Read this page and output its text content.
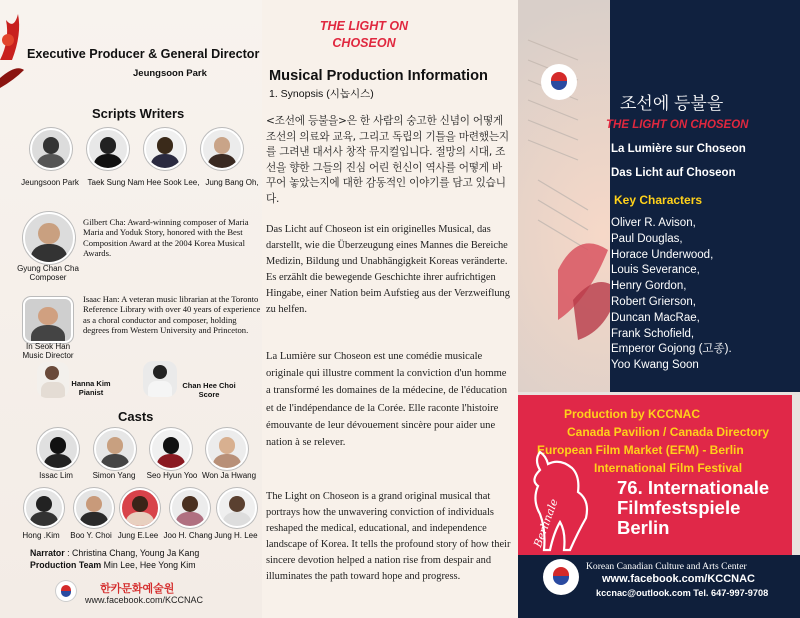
Executive Producer & General Director
Jeungsoon Park
Scripts Writers
Jeungsoon Park	Taek Sung Nam Hee Sook Lee, Jung Bang Oh,
Gilbert Cha: Award-winning composer of Maria Maria and Yoduk Story, honored with the Best Composition Award at the 2004 Korea Musical Awards.
Gyung Chan Cha
Composer
Isaac Han: A veteran music librarian at the Toronto Reference Library with over 40 years of experience as a choral conductor and composer, holding degrees from Western University and Princeton.
In Seok Han
Music Director
Hanna Kim
Pianist
Chan Hee Choi
Score
Casts
Issac Lim	Simon Yang	Seo Hyun Yoo Won Ja Hwang
Hong .Kim	Boo Y. Choi Jung E.Lee Joo H. Chang Jung H. Lee
Narrator : Christina Chang, Young Ja Kang
Production Team Min Lee, Hee Yong Kim
한카문화예술원
www.facebook.com/KCCNAC
THE LIGHT ON
CHOSEON
Musical Production Information
1. Synopsis (시놉시스)
<조선에 등불을>은 한 사람의 숭고한 신념이 어떻게 조선의 의료와 교육, 그리고 독립의 기틀을 마련했는지를 그려낸 대서사 창작 뮤지컬입니다. 절망의 시대, 조선을 향한 그들의 진심 어린 헌신이 역사를 어떻게 바꾸어 놓았는지에 대한 감동적인 이야기를 담고 있습니다.
Das Licht auf Choseon ist ein originelles Musical, das darstellt, wie die Überzeugung eines Mannes die Bereiche Medizin, Bildung und Unabhängigkeit Koreas veränderte. Es erzählt die bewegende Geschichte ihrer aufrichtigen Hingabe, einer Nation beim Aufstieg aus der Verzweiflung zu helfen.
La Lumière sur Choseon est une comédie musicale originale qui illustre comment la conviction d'un homme a transformé les domaines de la médecine, de l'éducation et de l'indépendance de la Corée. Elle raconte l'histoire émouvante de leur dévouement sincère pour aider une nation à se relever.
The Light on Choseon is a grand original musical that portrays how the unwavering conviction of individuals reshaped the medical, educational, and independence landscape of Korea. It tells the profound story of how their sincere devotion helped a nation rise from despair and illuminates the path toward hope and progress.
조선에 등불을
THE LIGHT ON CHOSEON
La Lumière sur Choseon
Das Licht auf Choseon
Key Characters
Oliver R. Avison,
Paul Douglas,
Horace Underwood,
Louis Severance,
Henry Gordon,
Robert Grierson,
Duncan MacRae,
Frank Schofield,
Emperor Gojong (고종).
Yoo Kwang Soon
Production by KCCNAC
Canada Pavilion / Canada Directory
European Film Market (EFM) - Berlin
International Film Festival
Berlinale
76. Internationale
Filmfestspiele
Berlin
Korean Canadian Culture and Arts Center
www.facebook.com/KCCNAC
kccnac@outlook.com Tel. 647-997-9708
